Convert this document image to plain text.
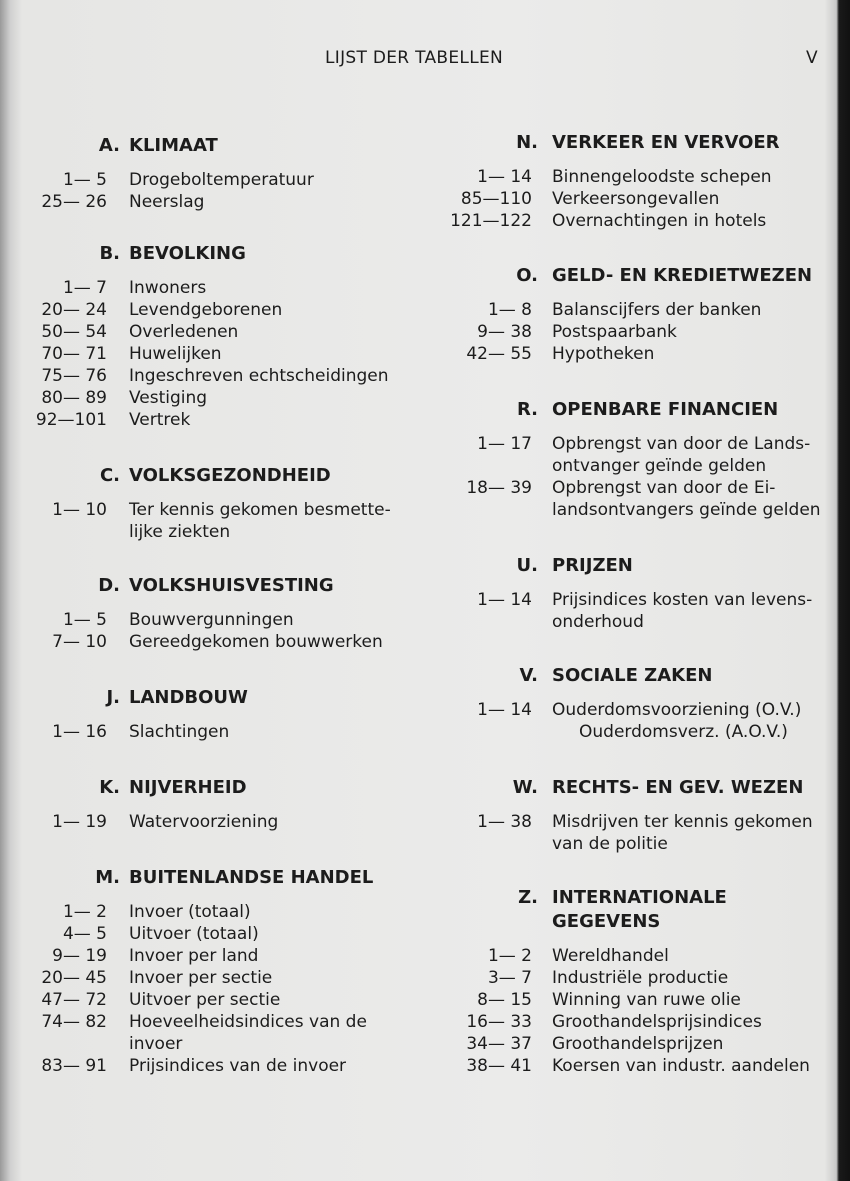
LIJST DER TABELLEN	V
A. KLIMAAT
1— 5 Drogeboltemperatuur
25— 26 Neerslag
B. BEVOLKING
1— 7 Inwoners
20— 24 Levendgeborenen
50— 54 Overledenen
70— 71 Huwelijken
75— 76 Ingeschreven echtscheidingen
80— 89 Vestiging
92—101 Vertrek
C. VOLKSGEZONDHEID
1— 10 Ter kennis gekomen besmette-
lijke ziekten
D. VOLKSHUISVESTING
1— 5 Bouwvergunningen
7— 10 Gereedgekomen bouwwerken
J. LANDBOUW
1— 16 Slachtingen
K. NIJVERHEID
1— 19 Watervoorziening
M. BUITENLANDSE HANDEL
1— 2 Invoer (totaal)
4— 5 Uitvoer (totaal)
9— 19 Invoer per land
20— 45 Invoer per sectie
47— 72 Uitvoer per sectie
74— 82 Hoeveelheidsindices van de
invoer
83— 91 Prijsindices van de invoer
N. VERKEER EN VERVOER
1— 14 Binnengeloodste schepen
85—110 Verkeersongevallen
121—122 Overnachtingen in hotels
O. GELD- EN KREDIETWEZEN
1— 8 Balanscijfers der banken
9— 38 Postspaarbank
42— 55 Hypotheken
R. OPENBARE FINANCIEN
1— 17 Opbrengst van door de Lands-
ontvanger geïnde gelden
18— 39 Opbrengst van door de Ei-
landsontvangers geïnde gelden
U. PRIJZEN
1— 14 Prijsindices kosten van levens-
onderhoud
V. SOCIALE ZAKEN
1— 14 Ouderdomsvoorziening (O.V.)
Ouderdomsverz. (A.O.V.)
W. RECHTS- EN GEV. WEZEN
1— 38 Misdrijven ter kennis gekomen
van de politie
Z. INTERNATIONALE
GEGEVENS
1— 2 Wereldhandel
3— 7 Industriële productie
8— 15 Winning van ruwe olie
16— 33 Groothandelsprijsindices
34— 37 Groothandelsprijzen
38— 41 Koersen van industr. aandelen
